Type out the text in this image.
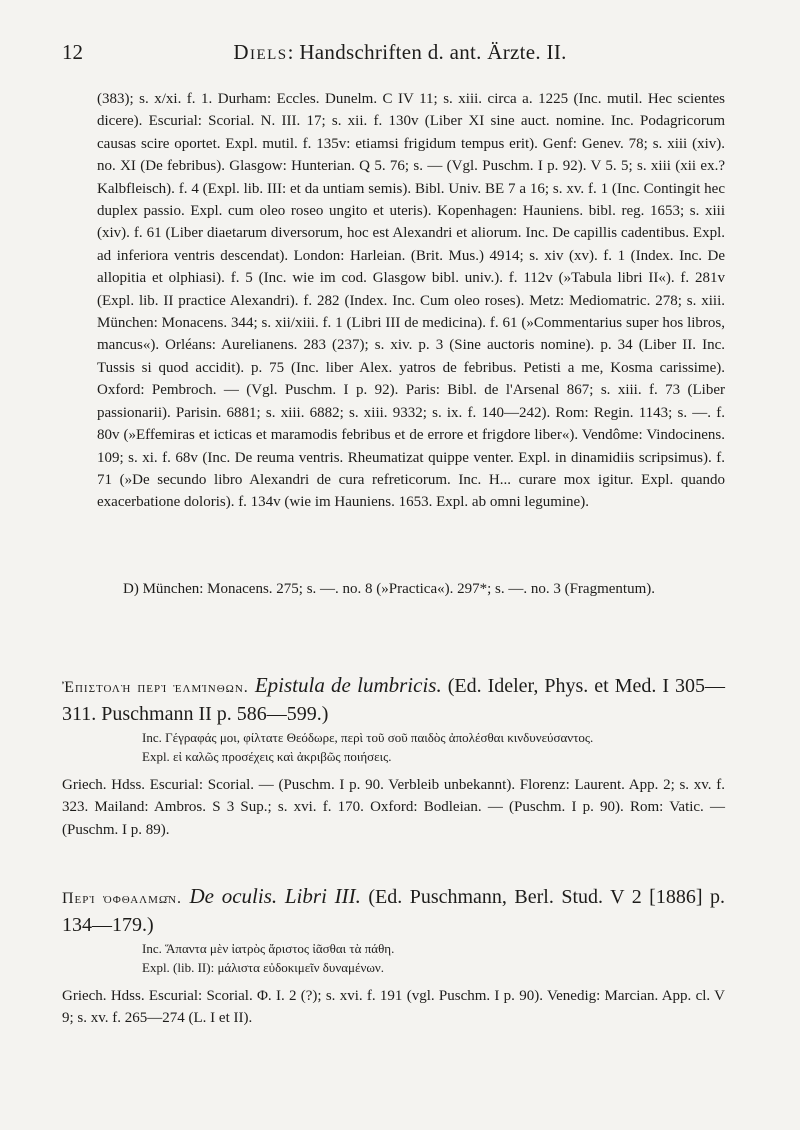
12	Diels: Handschriften d. ant. Ärzte. II.

(383); s. x/xi. f. 1. Durham: Eccles. Dunelm. C IV 11; s. xiii. circa a. 1225 (Inc. mutil. Hec scientes dicere). Escurial: Scorial. N. III. 17; s. xii. f. 130v (Liber XI sine auct. nomine. Inc. Podagricorum causas scire oportet. Expl. mutil. f. 135v: etiamsi frigidum tempus erit). Genf: Genev. 78; s. xiii (xiv). no. XI (De febribus). Glasgow: Hunterian. Q 5. 76; s. — (Vgl. Puschm. I p. 92). V 5. 5; s. xiii (xii ex.? Kalbfleisch). f. 4 (Expl. lib. III: et da untiam semis). Bibl. Univ. BE 7 a 16; s. xv. f. 1 (Inc. Contingit hec duplex passio. Expl. cum oleo roseo ungito et uteris). Kopenhagen: Hauniens. bibl. reg. 1653; s. xiii (xiv). f. 61 (Liber diaetarum diversorum, hoc est Alexandri et aliorum. Inc. De capillis cadentibus. Expl. ad inferiora ventris descendat). London: Harleian. (Brit. Mus.) 4914; s. xiv (xv). f. 1 (Index. Inc. De allopitia et olphiasi). f. 5 (Inc. wie im cod. Glasgow bibl. univ.). f. 112v (»Tabula libri II«). f. 281v (Expl. lib. II practice Alexandri). f. 282 (Index. Inc. Cum oleo roses). Metz: Mediomatric. 278; s. xiii. München: Monacens. 344; s. xii/xiii. f. 1 (Libri III de medicina). f. 61 (»Commentarius super hos libros, mancus«). Orléans: Aurelianens. 283 (237); s. xiv. p. 3 (Sine auctoris nomine). p. 34 (Liber II. Inc. Tussis si quod accidit). p. 75 (Inc. liber Alex. yatros de febribus. Petisti a me, Kosma carissime). Oxford: Pembroch. — (Vgl. Puschm. I p. 92). Paris: Bibl. de l'Arsenal 867; s. xiii. f. 73 (Liber passionarii). Parisin. 6881; s. xiii. 6882; s. xiii. 9332; s. ix. f. 140—242). Rom: Regin. 1143; s. —. f. 80v (»Effemiras et icticas et maramodis febribus et de errore et frigdore liber«). Vendôme: Vindocinens. 109; s. xi. f. 68v (Inc. De reuma ventris. Rheumatizat quippe venter. Expl. in dinamidiis scripsimus). f. 71 (»De secundo libro Alexandri de cura refreticorum. Inc. H... curare mox igitur. Expl. quando exacerbatione doloris). f. 134v (wie im Hauniens. 1653. Expl. ab omni legumine).

D) München: Monacens. 275; s. —. no. 8 (»Practica«). 297*; s. —. no. 3 (Fragmentum).

Ἐπιστολὴ περὶ ἑλμίνθων. Epistula de lumbricis. (Ed. Ideler, Phys. et Med. I 305—311. Puschmann II p. 586—599.)

Inc. Γέγραφάς μοι, φίλτατε Θεόδωρε, περὶ τοῦ σοῦ παιδὸς ἀπολέσθαι κινδυνεύσαντος.

Expl. εἰ καλῶς προσέχεις καὶ ἀκριβῶς ποιήσεις.

Griech. Hdss. Escurial: Scorial. — (Puschm. I p. 90. Verbleib unbekannt). Florenz: Laurent. App. 2; s. xv. f. 323. Mailand: Ambros. S 3 Sup.; s. xvi. f. 170. Oxford: Bodleian. — (Puschm. I p. 90). Rom: Vatic. — (Puschm. I p. 89).

Περὶ ὀφθαλμῶν. De oculis. Libri III. (Ed. Puschmann, Berl. Stud. V 2 [1886] p. 134—179.)

Inc. Ἅπαντα μὲν ἰατρὸς ἄριστος ἰᾶσθαι τὰ πάθη.

Expl. (lib. II): μάλιστα εὐδοκιμεῖν δυναμένων.

Griech. Hdss. Escurial: Scorial. Φ. I. 2 (?); s. xvi. f. 191 (vgl. Puschm. I p. 90). Venedig: Marcian. App. cl. V 9; s. xv. f. 265—274 (L. I et II).
